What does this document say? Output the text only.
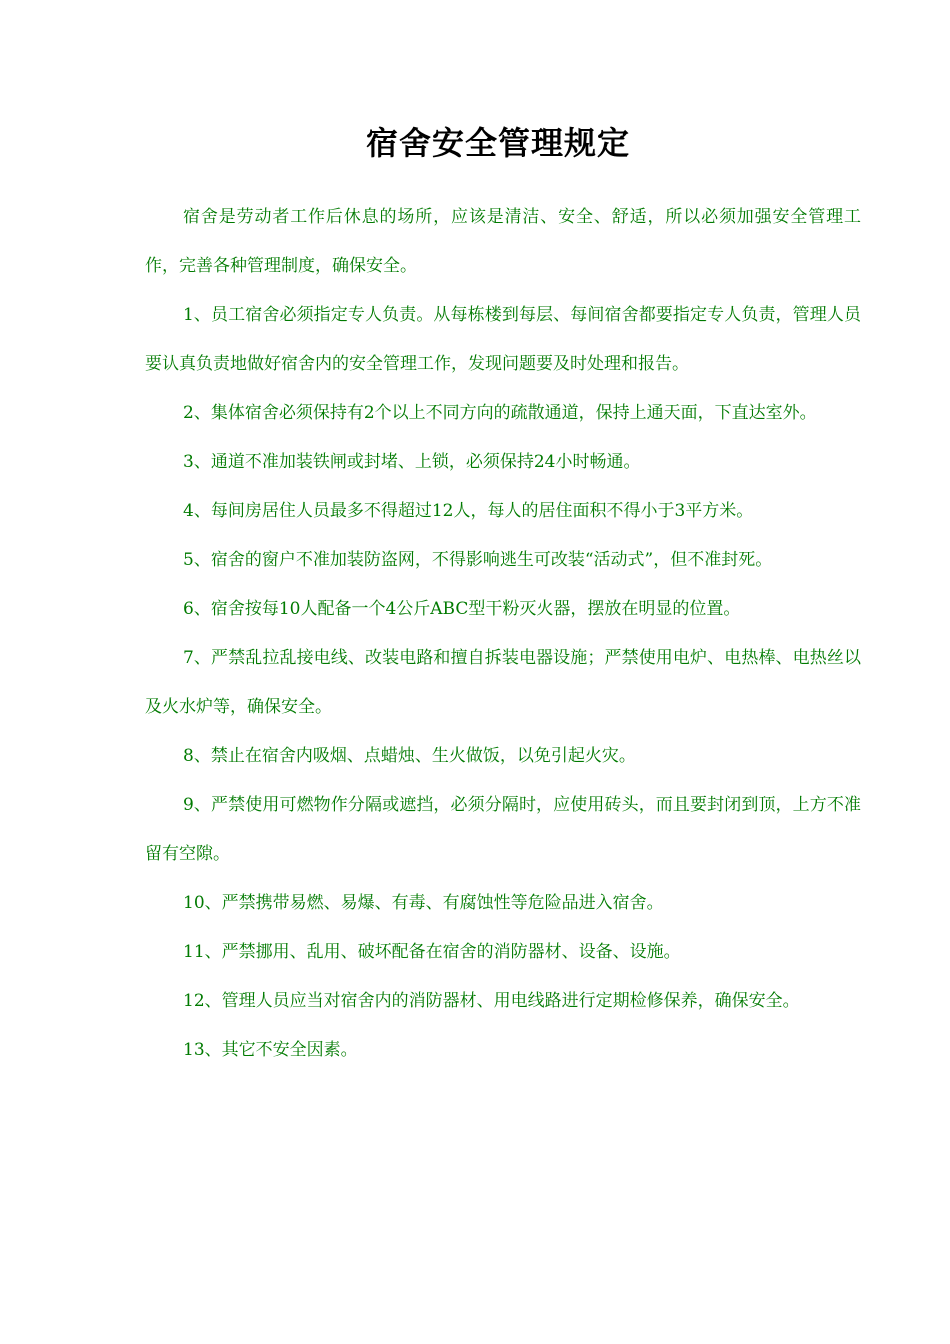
宿舍安全管理规定

宿舍是劳动者工作后休息的场所，应该是清洁、安全、舒适，所以必须加强安全管理工作，完善各种管理制度，确保安全。

1、员工宿舍必须指定专人负责。从每栋楼到每层、每间宿舍都要指定专人负责，管理人员要认真负责地做好宿舍内的安全管理工作，发现问题要及时处理和报告。

2、集体宿舍必须保持有2个以上不同方向的疏散通道，保持上通天面，下直达室外。

3、通道不准加装铁闸或封堵、上锁，必须保持24小时畅通。

4、每间房居住人员最多不得超过12人，每人的居住面积不得小于3平方米。

5、宿舍的窗户不准加装防盗网，不得影响逃生可改装“活动式”，但不准封死。

6、宿舍按每10人配备一个4公斤ABC型干粉灭火器，摆放在明显的位置。

7、严禁乱拉乱接电线、改装电路和擅自拆装电器设施；严禁使用电炉、电热棒、电热丝以及火水炉等，确保安全。

8、禁止在宿舍内吸烟、点蜡烛、生火做饭，以免引起火灾。

9、严禁使用可燃物作分隔或遮挡，必须分隔时，应使用砖头，而且要封闭到顶，上方不准留有空隙。

10、严禁携带易燃、易爆、有毒、有腐蚀性等危险品进入宿舍。

11、严禁挪用、乱用、破坏配备在宿舍的消防器材、设备、设施。

12、管理人员应当对宿舍内的消防器材、用电线路进行定期检修保养，确保安全。

13、其它不安全因素。
